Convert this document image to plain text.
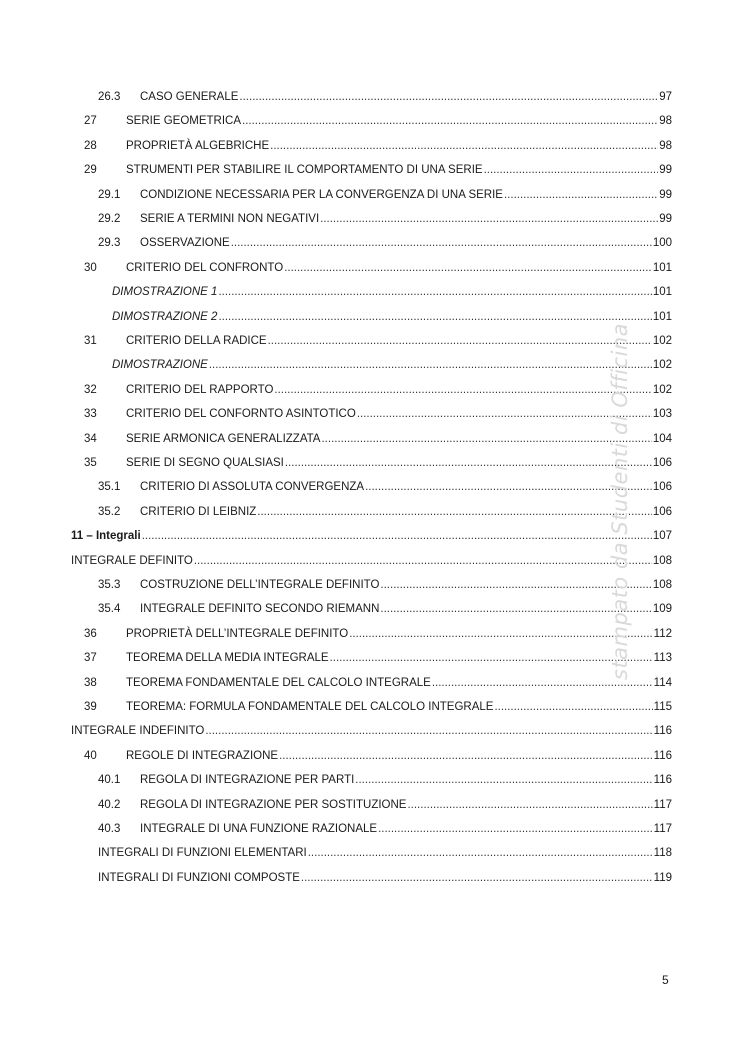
26.3 CASO GENERALE .....	97
27	SERIE GEOMETRICA .....	98
28	PROPRIETÀ ALGEBRICHE .....	98
29	STRUMENTI PER STABILIRE IL COMPORTAMENTO DI UNA SERIE .....	99
29.1 CONDIZIONE NECESSARIA PER LA CONVERGENZA DI UNA SERIE .....	99
29.2 SERIE A TERMINI NON NEGATIVI .....	99
29.3 OSSERVAZIONE .....	100
30	CRITERIO DEL CONFRONTO .....	101
DIMOSTRAZIONE 1 .....	101
DIMOSTRAZIONE 2 .....	101
31	CRITERIO DELLA RADICE .....	102
DIMOSTRAZIONE .....	102
32	CRITERIO DEL RAPPORTO .....	102
33	CRITERIO DEL CONFORNTO ASINTOTICO .....	103
34	SERIE ARMONICA GENERALIZZATA .....	104
35	SERIE DI SEGNO QUALSIASI .....	106
35.1 CRITERIO DI ASSOLUTA CONVERGENZA .....	106
35.2 CRITERIO DI LEIBNIZ .....	106
11 – Integrali .....	107
INTEGRALE DEFINITO .....	108
35.3 COSTRUZIONE DELL’INTEGRALE DEFINITO .....	108
35.4 INTEGRALE DEFINITO SECONDO RIEMANN .....	109
36	PROPRIETÀ DELL’INTEGRALE DEFINITO .....	112
37	TEOREMA DELLA MEDIA INTEGRALE .....	113
38	TEOREMA FONDAMENTALE DEL CALCOLO INTEGRALE .....	114
39	TEOREMA: FORMULA FONDAMENTALE DEL CALCOLO INTEGRALE .....	115
INTEGRALE INDEFINITO .....	116
40	REGOLE DI INTEGRAZIONE .....	116
40.1 REGOLA DI INTEGRAZIONE PER PARTI .....	116
40.2 REGOLA DI INTEGRAZIONE PER SOSTITUZIONE .....	117
40.3 INTEGRALE DI UNA FUNZIONE RAZIONALE .....	117
INTEGRALI DI FUNZIONI ELEMENTARI .....	118
INTEGRALI DI FUNZIONI COMPOSTE .....	119
5
stampato da Studenti di Officina
